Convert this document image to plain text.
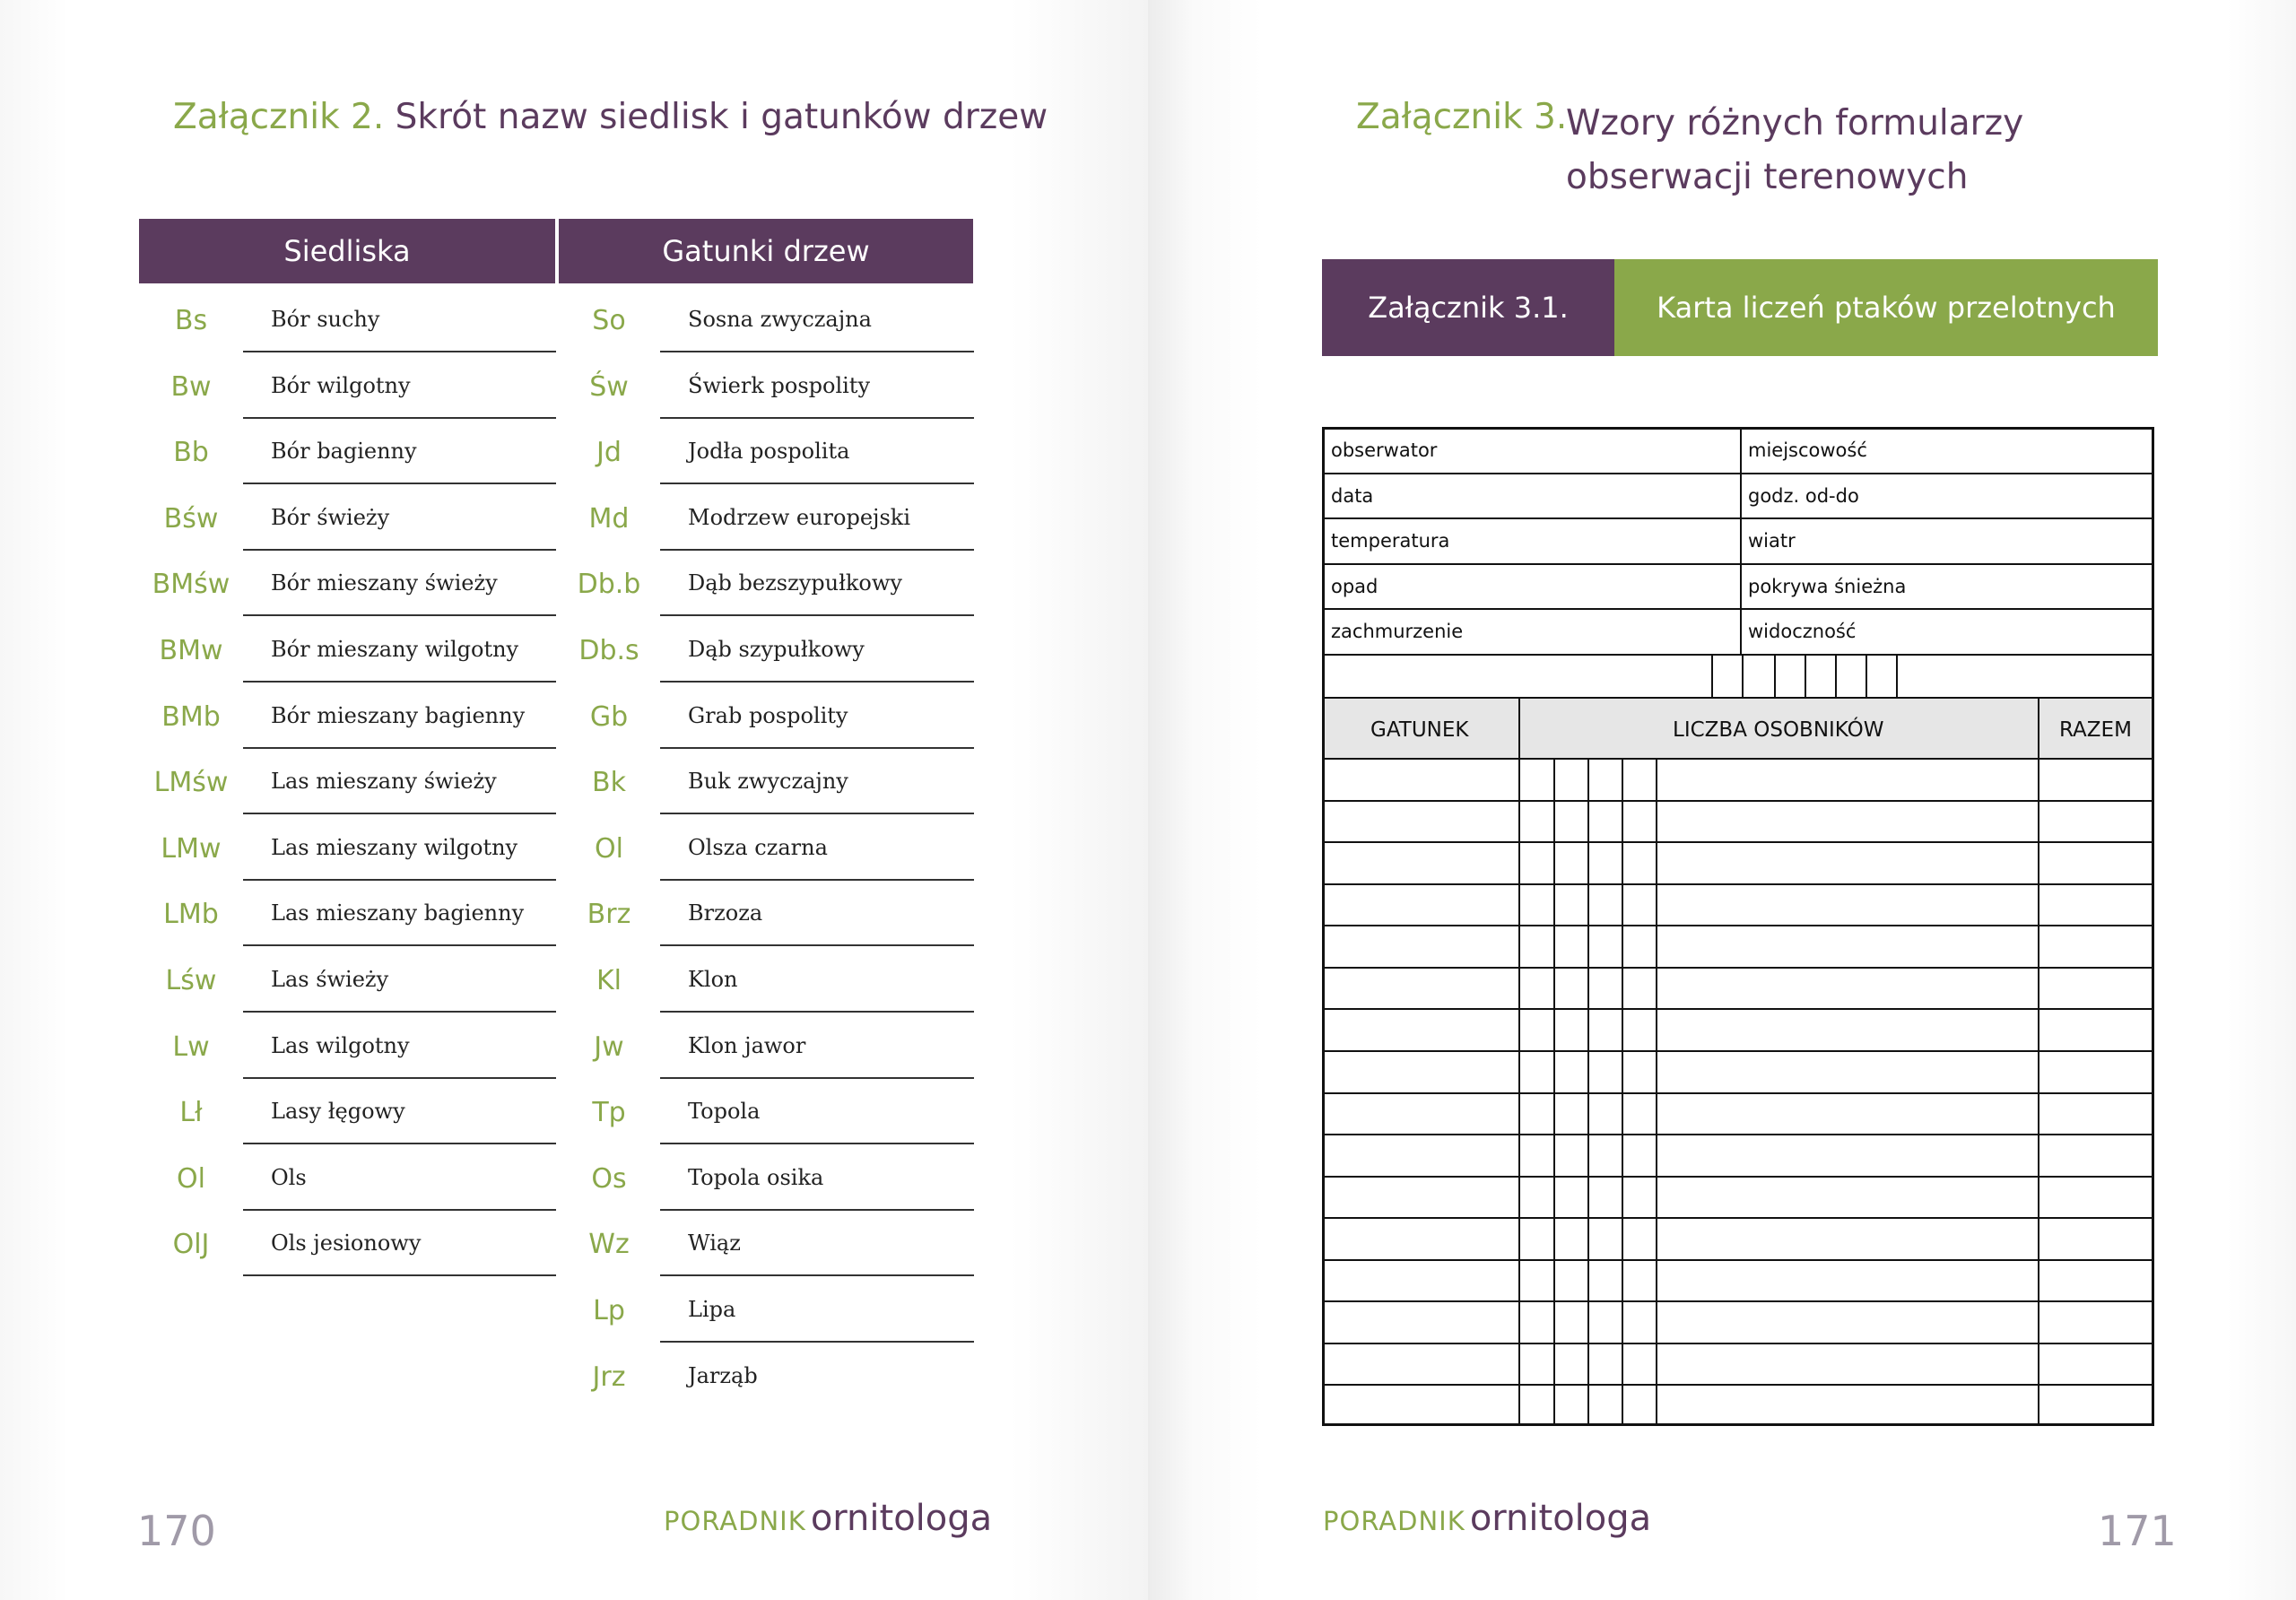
Załącznik 2. Skrót nazw siedlisk i gatunków drzew
Siedliska	Gatunki drzew
Bs	Bór suchy
Bw	Bór wilgotny
Bb	Bór bagienny
Bśw	Bór świeży
BMśw	Bór mieszany świeży
BMw	Bór mieszany wilgotny
BMb	Bór mieszany bagienny
LMśw	Las mieszany świeży
LMw	Las mieszany wilgotny
LMb	Las mieszany bagienny
Lśw	Las świeży
Lw	Las wilgotny
Lł	Lasy łęgowy
Ol	Ols
OlJ	Ols jesionowy
So	Sosna zwyczajna
Św	Świerk pospolity
Jd	Jodła pospolita
Md	Modrzew europejski
Db.b	Dąb bezszypułkowy
Db.s	Dąb szypułkowy
Gb	Grab pospolity
Bk	Buk zwyczajny
Ol	Olsza czarna
Brz	Brzoza
Kl	Klon
Jw	Klon jawor
Tp	Topola
Os	Topola osika
Wz	Wiąz
Lp	Lipa
Jrz	Jarząb
PORADNIK ornitologa
170
Załącznik 3.
Wzory różnych formularzy obserwacji terenowych
Załącznik 3.1.	Karta liczeń ptaków przelotnych
obserwator	miejscowość
data	godz. od-do
temperatura	wiatr
opad	pokrywa śnieżna
zachmurzenie	widoczność
GATUNEK	LICZBA OSOBNIKÓW	RAZEM
PORADNIK ornitologa	171
